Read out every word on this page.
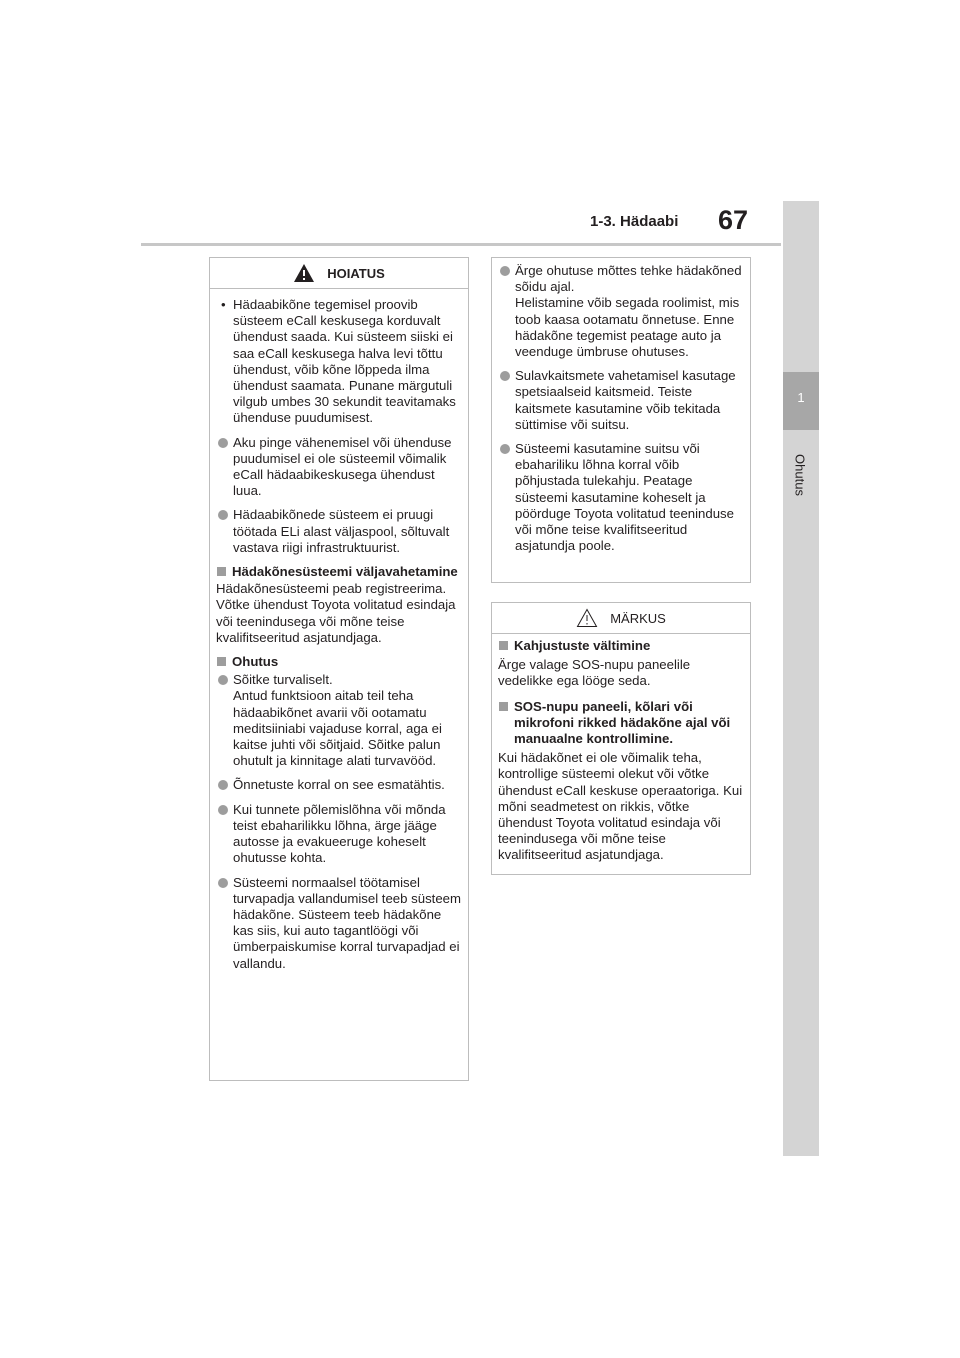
1-3. Hädaabi 67
1
Ohutus
HOIATUS

• Hädaabikõne tegemisel proovib süsteem eCall keskusega korduvalt ühendust saada. Kui süsteem siiski ei saa eCall keskusega halva levi tõttu ühendust, võib kõne lõppeda ilma ühendust saamata. Punane märgutuli vilgub umbes 30 sekundit teavitamaks ühenduse puudumisest.

Aku pinge vähenemisel või ühenduse puudumisel ei ole süsteemil võimalik eCall hädaabikeskusega ühendust luua.

Hädaabikõnede süsteem ei pruugi töötada ELi alast väljaspool, sõltuvalt vastava riigi infrastruktuurist.

Hädakõnesüsteemi väljavahetamine

Hädakõnesüsteemi peab registreerima. Võtke ühendust Toyota volitatud esindaja või teenindusega või mõne teise kvalifitseeritud asjatundjaga.

Ohutus

Sõitke turvaliselt.
Antud funktsioon aitab teil teha hädaabikõnet avarii või ootamatu meditsiiniabi vajaduse korral, aga ei kaitse juhti või sõitjaid. Sõitke palun ohutult ja kinnitage alati turvavööd.

Õnnetuste korral on see esmatähtis.

Kui tunnete põlemislõhna või mõnda teist ebaharilikku lõhna, ärge jääge autosse ja evakueeruge koheselt ohutusse kohta.

Süsteemi normaalsel töötamisel turvapadja vallandumisel teeb süsteem hädakõne. Süsteem teeb hädakõne kas siis, kui auto tagantlöögi või ümberpaiskumise korral turvapadjad ei vallandu.

Ärge ohutuse mõttes tehke hädakõned sõidu ajal.
Helistamine võib segada roolimist, mis toob kaasa ootamatu õnnetuse. Enne hädakõne tegemist peatage auto ja veenduge ümbruse ohutuses.

Sulavkaitsmete vahetamisel kasutage spetsiaalseid kaitsmeid. Teiste kaitsmete kasutamine võib tekitada süttimise või suitsu.

Süsteemi kasutamine suitsu või ebahariliku lõhna korral võib põhjustada tulekahju. Peatage süsteemi kasutamine koheselt ja pöörduge Toyota volitatud teeninduse või mõne teise kvalifitseeritud asjatundja poole.

MÄRKUS

Kahjustuste vältimine

Ärge valage SOS-nupu paneelile vedelikke ega lööge seda.

SOS-nupu paneeli, kõlari või mikrofoni rikked hädakõne ajal või manuaalne kontrollimine.

Kui hädakõnet ei ole võimalik teha, kontrollige süsteemi olekut või võtke ühendust eCall keskuse operaatoriga. Kui mõni seadmetest on rikkis, võtke ühendust Toyota volitatud esindaja või teenindusega või mõne teise kvalifitseeritud asjatundjaga.
